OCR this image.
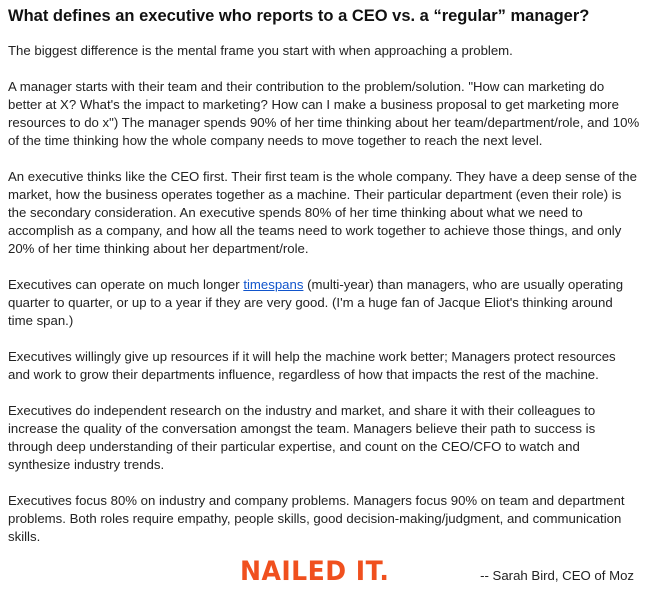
What defines an executive who reports to a CEO vs. a “regular” manager?

The biggest difference is the mental frame you start with when approaching a problem.

A manager starts with their team and their contribution to the problem/solution. "How can marketing do better at X? What's the impact to marketing? How can I make a business proposal to get marketing more resources to do x") The manager spends 90% of her time thinking about her team/department/role, and 10% of the time thinking how the whole company needs to move together to reach the next level.

An executive thinks like the CEO first. Their first team is the whole company. They have a deep sense of the market, how the business operates together as a machine. Their particular department (even their role) is the secondary consideration. An executive spends 80% of her time thinking about what we need to accomplish as a company, and how all the teams need to work together to achieve those things, and only 20% of her time thinking about her department/role.

Executives can operate on much longer timespans (multi-year) than managers, who are usually operating quarter to quarter, or up to a year if they are very good. (I'm a huge fan of Jacque Eliot's thinking around time span.)

Executives willingly give up resources if it will help the machine work better; Managers protect resources and work to grow their departments influence, regardless of how that impacts the rest of the machine.

Executives do independent research on the industry and market, and share it with their colleagues to increase the quality of the conversation amongst the team. Managers believe their path to success is through deep understanding of their particular expertise, and count on the CEO/CFO to watch and synthesize industry trends.

Executives focus 80% on industry and company problems. Managers focus 90% on team and department problems. Both roles require empathy, people skills, good decision-making/judgment, and communication skills.

NAILED IT.	-- Sarah Bird, CEO of Moz
